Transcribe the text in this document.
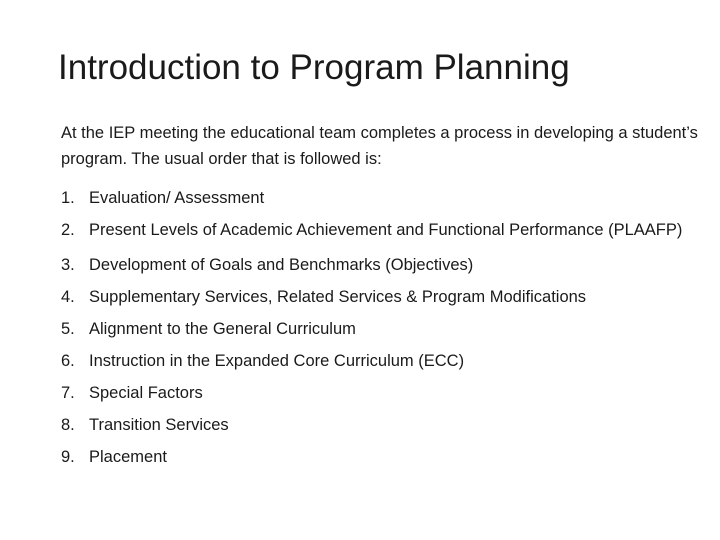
Introduction to Program Planning

At the IEP meeting the educational team completes a process in developing a student’s program. The usual order that is followed is:

1. Evaluation/ Assessment
2. Present Levels of Academic Achievement and Functional Performance (PLAAFP)
3. Development of Goals and Benchmarks (Objectives)
4. Supplementary Services, Related Services & Program Modifications
5. Alignment to the General Curriculum
6. Instruction in the Expanded Core Curriculum (ECC)
7. Special Factors
8. Transition Services
9. Placement
